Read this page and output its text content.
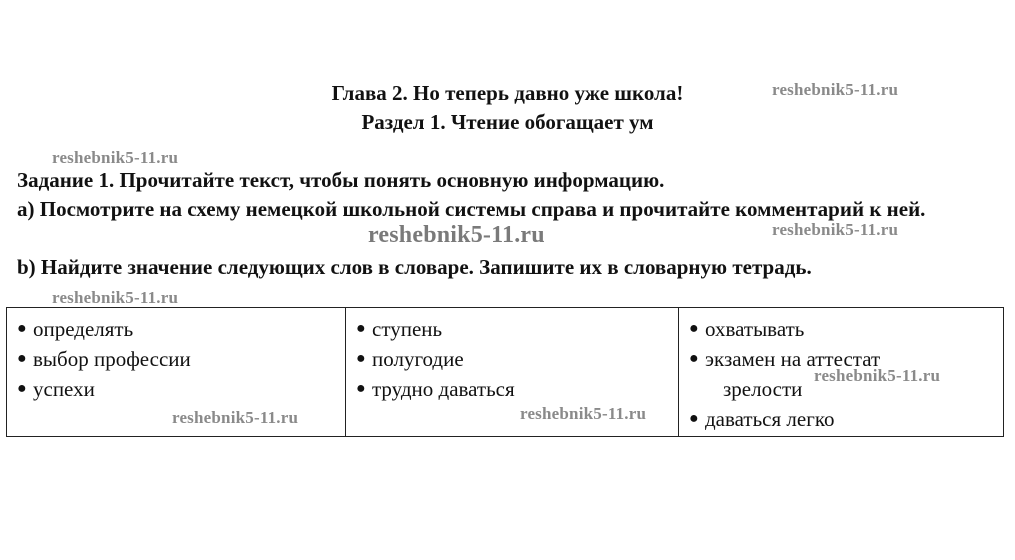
Глава 2. Но теперь давно уже школа!
Раздел 1. Чтение обогащает ум
Задание 1. Прочитайте текст, чтобы понять основную информацию.
а) Посмотрите на схему немецкой школьной системы справа и прочитайте комментарий к ней.
b) Найдите значение следующих слов в словаре. Запишите их в словарную тетрадь.
reshebnik5-11.ru
reshebnik5-11.ru
reshebnik5-11.ru	reshebnik5-11.ru
reshebnik5-11.ru
● определять
● выбор профессии
● успехи

● ступень
● полугодие
● трудно даваться

● охватывать
● экзамен на аттестат
зрелости
● даваться легко
reshebnik5-11.ru
reshebnik5-11.ru	reshebnik5-11.ru
